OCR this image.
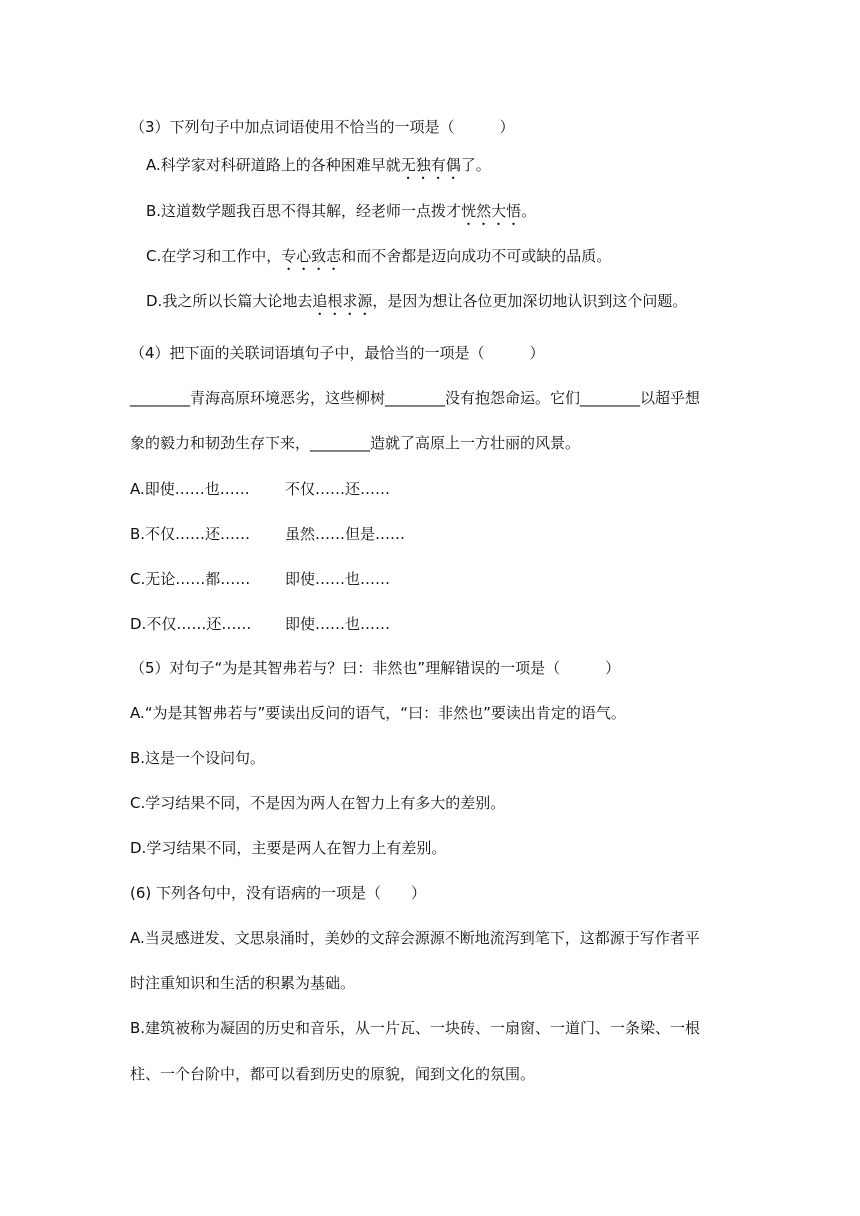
（3）下列句子中加点词语使用不恰当的一项是（　　　）
A.科学家对科研道路上的各种困难早就无独有偶了。
B.这道数学题我百思不得其解，经老师一点拨才恍然大悟。
C.在学习和工作中，专心致志和而不舍都是迈向成功不可或缺的品质。
D.我之所以长篇大论地去追根求源，是因为想让各位更加深切地认识到这个问题。
（4）把下面的关联词语填句子中，最恰当的一项是（　　　）
________青海高原环境恶劣，这些柳树________没有抱怨命运。它们________以超乎想
象的毅力和韧劲生存下来，________造就了高原上一方壮丽的风景。
A.即使……也…… 不仅……还……
B.不仅……还…… 虽然……但是……
C.无论……都…… 即使……也……
D.不仅……还…… 即使……也……
（5）对句子“为是其智弗若与？曰：非然也”理解错误的一项是（　　　）
A.“为是其智弗若与”要读出反问的语气，“曰：非然也”要读出肯定的语气。
B.这是一个设问句。
C.学习结果不同，不是因为两人在智力上有多大的差别。
D.学习结果不同，主要是两人在智力上有差别。
(6) 下列各句中，没有语病的一项是（　　）
A.当灵感迸发、文思泉涌时，美妙的文辞会源源不断地流泻到笔下，这都源于写作者平
时注重知识和生活的积累为基础。
B.建筑被称为凝固的历史和音乐，从一片瓦、一块砖、一扇窗、一道门、一条梁、一根
柱、一个台阶中，都可以看到历史的原貌，闻到文化的氛围。
